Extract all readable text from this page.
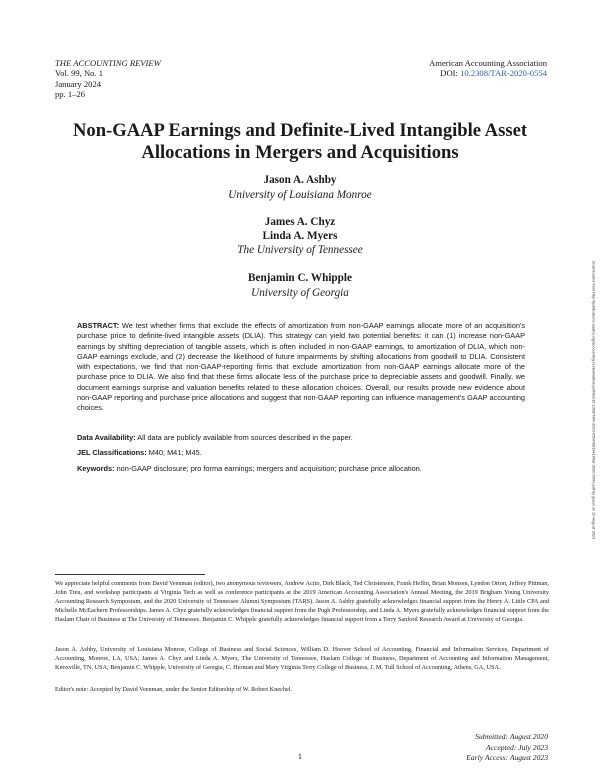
THE ACCOUNTING REVIEW
Vol. 99, No. 1
January 2024
pp. 1–26
American Accounting Association
DOI: 10.2308/TAR-2020-0554
Non-GAAP Earnings and Definite-Lived Intangible Asset
Allocations in Mergers and Acquisitions
Jason A. Ashby
University of Louisiana Monroe
James A. Chyz
Linda A. Myers
The University of Tennessee
Benjamin C. Whipple
University of Georgia

ABSTRACT: We test whether firms that exclude the effects of amortization from non-GAAP earnings allocate more of an acquisition's purchase price to definite-lived intangible assets (DLIA). This strategy can yield two potential benefits: it can (1) increase non-GAAP earnings by shifting depreciation of tangible assets, which is often included in non-GAAP earnings, to amortization of DLIA, which non-GAAP earnings exclude, and (2) decrease the likelihood of future impairments by shifting allocations from goodwill to DLIA. Consistent with expectations, we find that non-GAAP-reporting firms that exclude amortization from non-GAAP earnings allocate more of the purchase price to DLIA. We also find that these firms allocate less of the purchase price to depreciable assets and goodwill. Finally, we document earnings surprise and valuation benefits related to these allocation choices. Overall, our results provide new evidence about non-GAAP reporting and purchase price allocations and suggest that non-GAAP reporting can influence management's GAAP accounting choices.

Data Availability: All data are publicly available from sources described in the paper.
JEL Classifications: M40; M41; M45.
Keywords: non-GAAP disclosure; pro forma earnings; mergers and acquisition; purchase price allocation.

We appreciate helpful comments from David Veenman (editor), two anonymous reviewers, Andrew Acito, Dirk Black, Ted Christensen, Frank Heflin, Brian Monsen, Lyndon Orton, Jeffrey Pittman, John Treu, and workshop participants at Virginia Tech as well as conference participants at the 2019 American Accounting Association's Annual Meeting, the 2019 Brigham Young University Accounting Research Symposium, and the 2020 University of Tennessee Alumni Symposium (TARS). Jason A. Ashby gratefully acknowledges financial support from the Henry A. Little CPA and Michelle McEachern Professorships. James A. Chyz gratefully acknowledges financial support from the Pugh Professorship, and Linda A. Myers gratefully acknowledges financial support from the Haslam Chair of Business at The University of Tennessee. Benjamin C. Whipple gratefully acknowledges financial support from a Terry Sanford Research Award at University of Georgia.

Jason A. Ashby, University of Louisiana Monroe, College of Business and Social Sciences, William D. Hoover School of Accounting, Financial and Information Services, Department of Accounting, Monroe, LA, USA; James A. Chyz and Linda A. Myers, The University of Tennessee, Haslam College of Business, Department of Accounting and Information Management, Knoxville, TN, USA; Benjamin C. Whipple, University of Georgia, C. Herman and Mary Virginia Terry College of Business, J. M. Tull School of Accounting, Athens, GA, USA.

Editor's note: Accepted by David Veenman, under the Senior Editorship of W. Robert Knechel.

Submitted: August 2020
Accepted: July 2023
Early Access: August 2023
1
Downloaded from http://publications.aaahq.org/accounting-review/article-pdf/doi/10.2308/TAR-2020-0554/8919419/tar-2020-0554.pdf by guest on 20 August 2023
